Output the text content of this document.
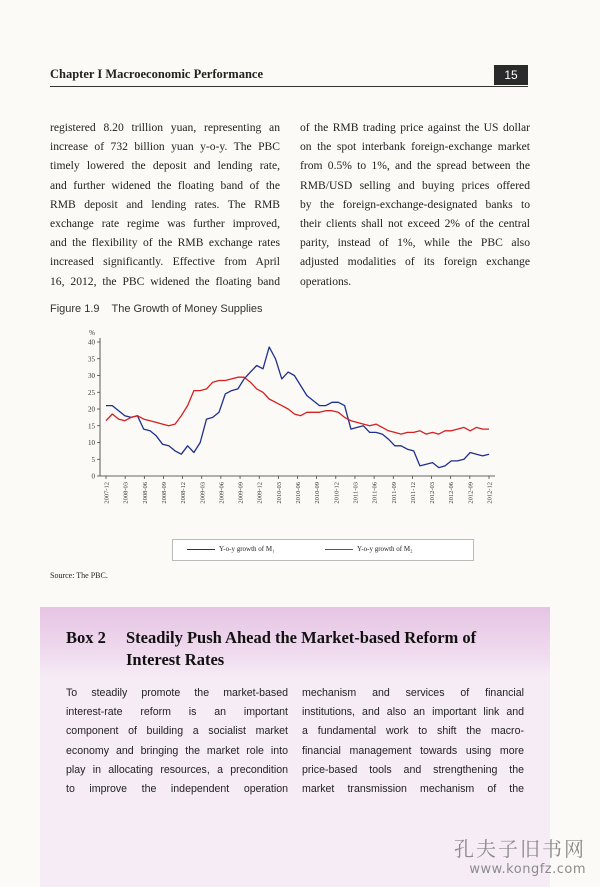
Chapter I Macroeconomic Performance	15
registered 8.20 trillion yuan, representing an
increase of 732 billion yuan y-o-y. The PBC
timely lowered the deposit and lending rate,
and further widened the floating band of the
RMB deposit and lending rates. The RMB
exchange rate regime was further improved,
and the flexibility of the RMB exchange rates
increased significantly. Effective from April
16, 2012, the PBC widened the floating band
of the RMB trading price against the US dollar
on the spot interbank foreign-exchange market
from 0.5% to 1%, and the spread between the
RMB/USD selling and buying prices offered
by the foreign-exchange-designated banks to
their clients shall not exceed 2% of the central
parity, instead of 1%, while the PBC also
adjusted modalities of its foreign exchange
operations.
Figure 1.9 The Growth of Money Supplies
%
0
5
10
15
20
25
30
35
40
2007-12 2008-03 2008-06 2008-09 2008-12 2009-03 2009-06 2009-09 2009-12 2010-03 2010-06 2010-09 2010-12 2011-03 2011-06 2011-09 2011-12 2012-03 2012-06 2012-09 2012-12
Y-o-y growth of M₁	Y-o-y growth of M₂
Source: The PBC.
Box 2 Steadily Push Ahead the Market-based Reform of
Interest Rates
To steadily promote the market-based
interest-rate reform is an important
component of building a socialist market
economy and bringing the market role into
play in allocating resources, a precondition
to improve the independent operation
mechanism and services of financial
institutions, and also an important link and
a fundamental work to shift the macro-
financial management towards using more
price-based tools and strengthening the
market transmission mechanism of the
孔夫子旧书网
www.kongfz.com
